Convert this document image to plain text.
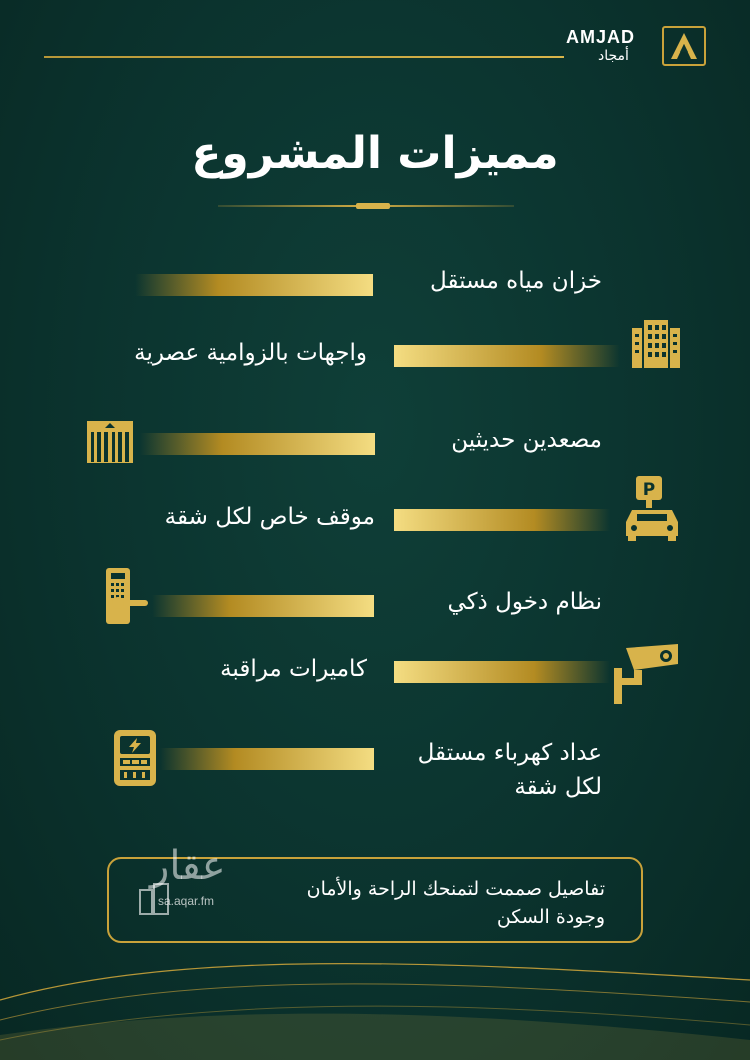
AMJAD
أمجاد
مميزات المشروع
خزان مياه مستقل
واجهات بالزوامية عصرية
مصعدين حديثين
موقف خاص لكل شقة
P
نظام دخول ذكي
كاميرات مراقبة
عداد كهرباء مستقل
لكل شقة
عقار
sa.aqar.fm
تفاصيل صممت لتمنحك الراحة والأمان
وجودة السكن
